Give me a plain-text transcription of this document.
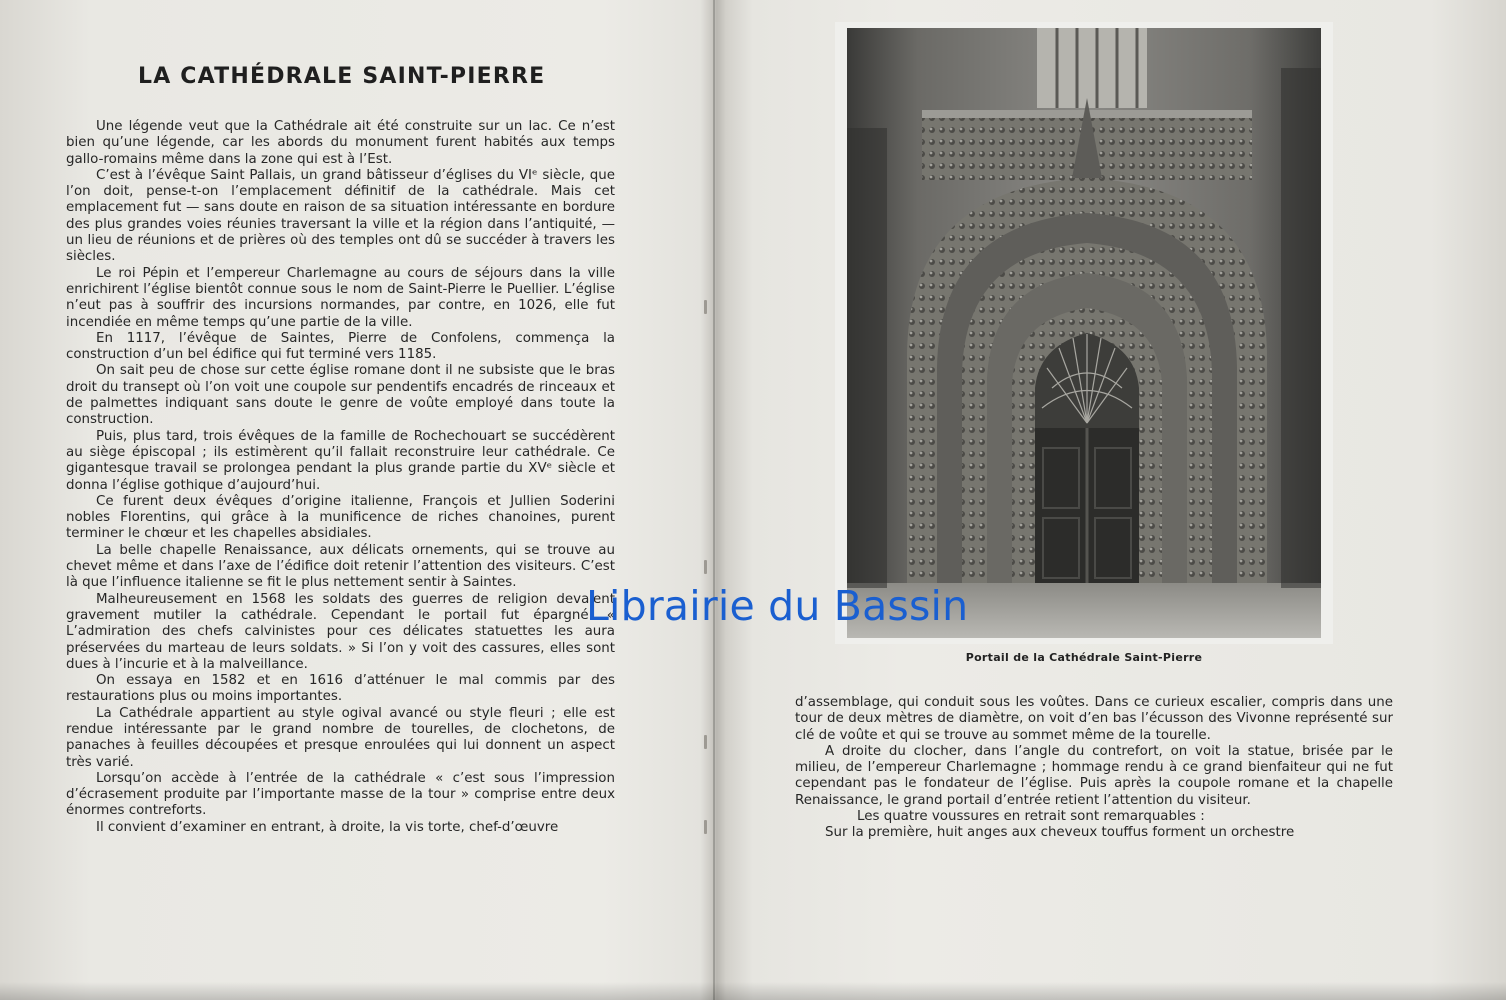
LA CATHÉDRALE SAINT-PIERRE

Une légende veut que la Cathédrale ait été construite sur un lac. Ce n’est bien qu’une légende, car les abords du monument furent habités aux temps gallo-romains même dans la zone qui est à l’Est.

C’est à l’évêque Saint Pallais, un grand bâtisseur d’églises du VIᵉ siècle, que l’on doit, pense-t-on l’emplacement définitif de la cathédrale. Mais cet emplacement fut — sans doute en raison de sa situation intéressante en bordure des plus grandes voies réunies traversant la ville et la région dans l’antiquité, — un lieu de réunions et de prières où des temples ont dû se succéder à travers les siècles.

Le roi Pépin et l’empereur Charlemagne au cours de séjours dans la ville enrichirent l’église bientôt connue sous le nom de Saint-Pierre le Puellier. L’église n’eut pas à souffrir des incursions normandes, par contre, en 1026, elle fut incendiée en même temps qu’une partie de la ville.

En 1117, l’évêque de Saintes, Pierre de Confolens, commença la construction d’un bel édifice qui fut terminé vers 1185.

On sait peu de chose sur cette église romane dont il ne subsiste que le bras droit du transept où l’on voit une coupole sur pendentifs encadrés de rinceaux et de palmettes indiquant sans doute le genre de voûte employé dans toute la construction.

Puis, plus tard, trois évêques de la famille de Rochechouart se succédèrent au siège épiscopal ; ils estimèrent qu’il fallait reconstruire leur cathédrale. Ce gigantesque travail se prolongea pendant la plus grande partie du XVᵉ siècle et donna l’église gothique d’aujourd’hui.

Ce furent deux évêques d’origine italienne, François et Jullien Soderini nobles Florentins, qui grâce à la munificence de riches chanoines, purent terminer le chœur et les chapelles absidiales.

La belle chapelle Renaissance, aux délicats ornements, qui se trouve au chevet même et dans l’axe de l’édifice doit retenir l’attention des visiteurs. C’est là que l’influence italienne se fit le plus nettement sentir à Saintes.

Malheureusement en 1568 les soldats des guerres de religion devaient gravement mutiler la cathédrale. Cependant le portail fut épargné. « L’admiration des chefs calvinistes pour ces délicates statuettes les aura préservées du marteau de leurs soldats. » Si l’on y voit des cassures, elles sont dues à l’incurie et à la malveillance.

On essaya en 1582 et en 1616 d’atténuer le mal commis par des restaurations plus ou moins importantes.

La Cathédrale appartient au style ogival avancé ou style fleuri ; elle est rendue intéressante par le grand nombre de tourelles, de clochetons, de panaches à feuilles découpées et presque enroulées qui lui donnent un aspect très varié.

Lorsqu’on accède à l’entrée de la cathédrale « c’est sous l’impression d’écrasement produite par l’importante masse de la tour » comprise entre deux énormes contreforts.

Il convient d’examiner en entrant, à droite, la vis torte, chef-d’œuvre

Portail de la Cathédrale Saint-Pierre

d’assemblage, qui conduit sous les voûtes. Dans ce curieux escalier, compris dans une tour de deux mètres de diamètre, on voit d’en bas l’écusson des Vivonne représenté sur clé de voûte et qui se trouve au sommet même de la tourelle.

A droite du clocher, dans l’angle du contrefort, on voit la statue, brisée par le milieu, de l’empereur Charlemagne ; hommage rendu à ce grand bienfaiteur qui ne fut cependant pas le fondateur de l’église. Puis après la coupole romane et la chapelle Renaissance, le grand portail d’entrée retient l’attention du visiteur.

Les quatre voussures en retrait sont remarquables :

Sur la première, huit anges aux cheveux touffus forment un orchestre

Librairie du Bassin
